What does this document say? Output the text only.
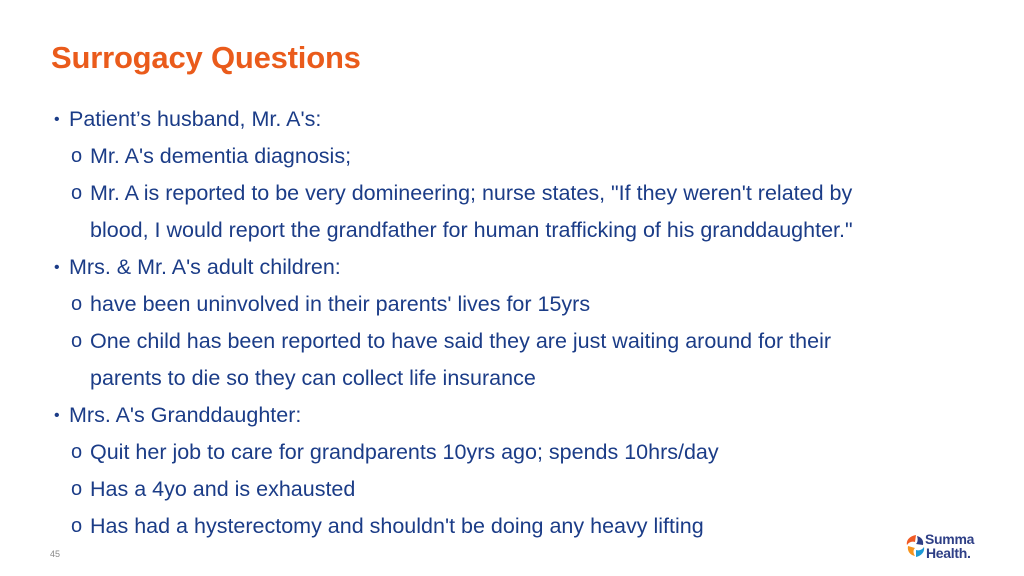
Surrogacy Questions
• Patient’s husband, Mr. A's:
o Mr. A's dementia diagnosis;
o Mr. A is reported to be very domineering; nurse states, "If they weren't related by
blood, I would report the grandfather for human trafficking of his granddaughter."
• Mrs. & Mr. A's adult children:
o have been uninvolved in their parents' lives for 15yrs
o One child has been reported to have said they are just waiting around for their
parents to die so they can collect life insurance
• Mrs. A's Granddaughter:
o Quit her job to care for grandparents 10yrs ago; spends 10hrs/day
o Has a 4yo and is exhausted
o Has had a hysterectomy and shouldn't be doing any heavy lifting
45
Summa
Health.
